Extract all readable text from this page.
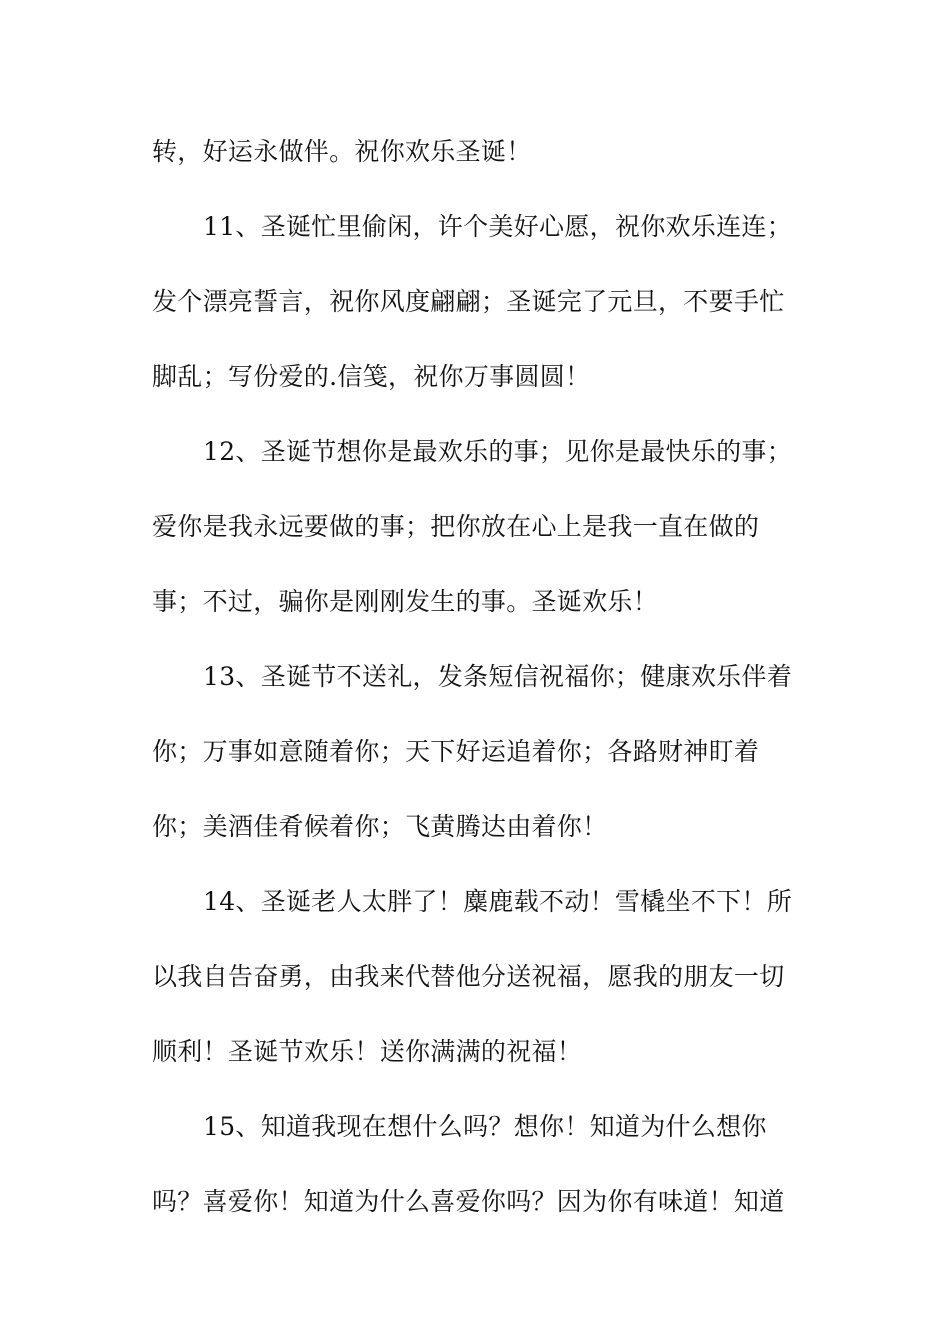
转，好运永做伴。祝你欢乐圣诞！

11、圣诞忙里偷闲，许个美好心愿，祝你欢乐连连；

发个漂亮誓言，祝你风度翩翩；圣诞完了元旦，不要手忙

脚乱；写份爱的.信笺，祝你万事圆圆！

12、圣诞节想你是最欢乐的事；见你是最快乐的事；

爱你是我永远要做的事；把你放在心上是我一直在做的

事；不过，骗你是刚刚发生的事。圣诞欢乐！

13、圣诞节不送礼，发条短信祝福你；健康欢乐伴着

你；万事如意随着你；天下好运追着你；各路财神盯着

你；美酒佳肴候着你；飞黄腾达由着你！

14、圣诞老人太胖了！麋鹿载不动！雪橇坐不下！所

以我自告奋勇，由我来代替他分送祝福，愿我的朋友一切

顺利！圣诞节欢乐！送你满满的祝福！

15、知道我现在想什么吗？想你！知道为什么想你

吗？喜爱你！知道为什么喜爱你吗？因为你有味道！知道
